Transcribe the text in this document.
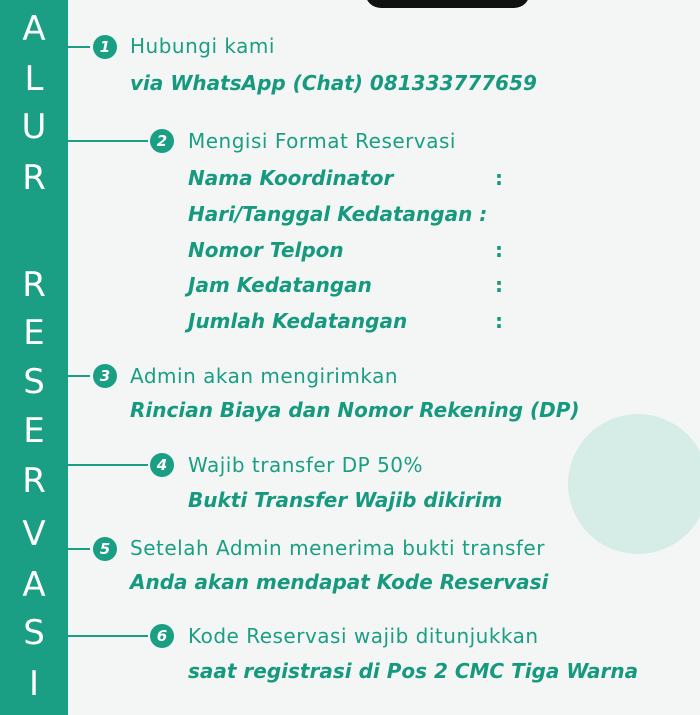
A
L
U
R
R
E
S
E
R
V
A
S
I
1 Hubungi kami
via WhatsApp (Chat) 081333777659
2	Mengisi Format Reservasi
Nama Koordinator	:
Hari/Tanggal Kedatangan :
Nomor Telpon	:
Jam Kedatangan	:
Jumlah Kedatangan	:
3 Admin akan mengirimkan
Rincian Biaya dan Nomor Rekening (DP)
4	Wajib transfer DP 50%
Bukti Transfer Wajib dikirim
5 Setelah Admin menerima bukti transfer
Anda akan mendapat Kode Reservasi
6	Kode Reservasi wajib ditunjukkan
saat registrasi di Pos 2 CMC Tiga Warna
